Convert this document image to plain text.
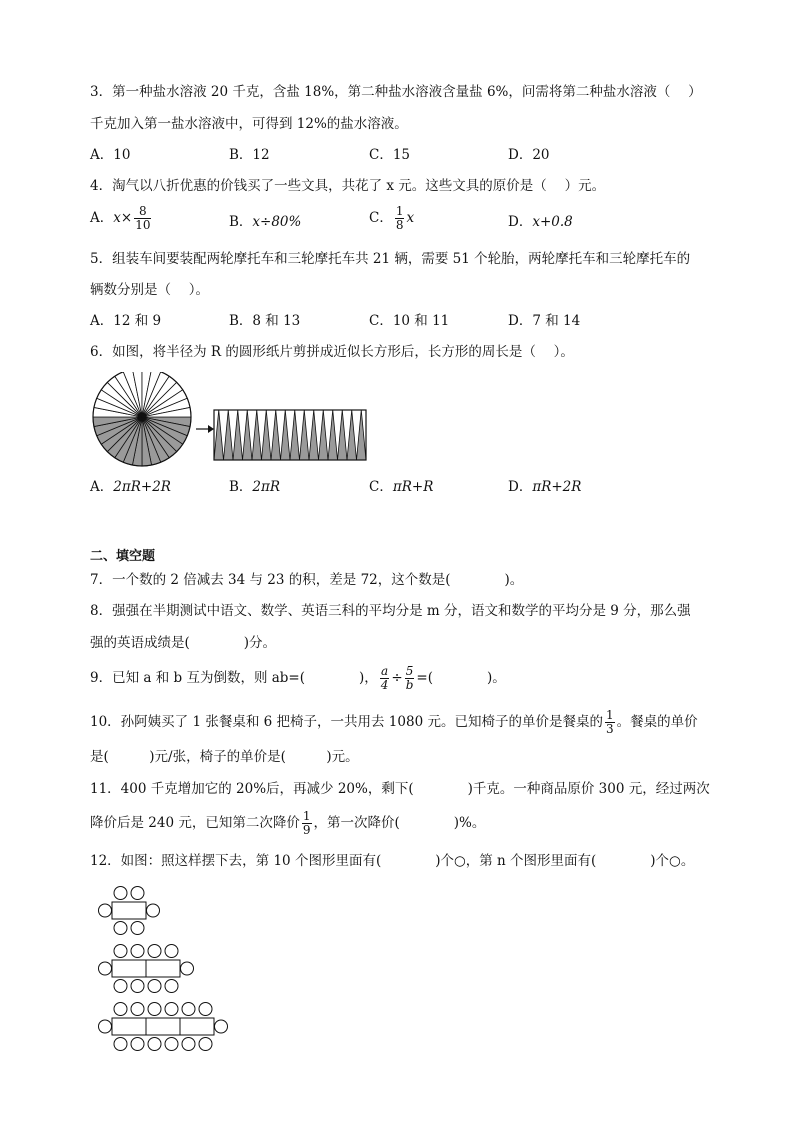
3．第一种盐水溶液 20 千克，含盐 18%，第二种盐水溶液含量盐 6%，问需将第二种盐水溶液（　 ）
千克加入第一盐水溶液中，可得到 12%的盐水溶液。
A．10	B．12	C．15	D．20
4．淘气以八折优惠的价钱买了一些文具，共花了 x 元。这些文具的原价是（　 ）元。
A．$x\times \frac{8}{10}$	B．x÷80%	C． $\frac{1}{8}$ x	D．x+0.8
5．组装车间要装配两轮摩托车和三轮摩托车共 21 辆，需要 51 个轮胎，两轮摩托车和三轮摩托车的
辆数分别是（　 ）。
A．12 和 9	B．8 和 13	C．10 和 11	D．7 和 14
6．如图，将半径为 R 的圆形纸片剪拼成近似长方形后，长方形的周长是（　 ）。
A．2πR+2R	B．2πR	C．πR+R	D．πR+2R
二、填空题
7．一个数的 2 倍减去 34 与 23 的积，差是 72，这个数是(　　　　)。
8．强强在半期测试中语文、数学、英语三科的平均分是 m 分，语文和数学的平均分是 9 分，那么强
强的英语成绩是(　　　　)分。
9．已知 a 和 b 互为倒数，则 ab=(　　　　)， $\frac{a}{4} \div \frac{5}{b}$ =(　　　　)。
10．孙阿姨买了 1 张餐桌和 6 把椅子，一共用去 1080 元。已知椅子的单价是餐桌的 $\frac{1}{3}$ 。餐桌的单价
是(　　　)元/张，椅子的单价是(　　　)元。
11．400 千克增加它的 20%后，再减少 20%，剩下(　　　　)千克。一种商品原价 300 元，经过两次
降价后是 240 元，已知第二次降价 $\frac{1}{9}$ ，第一次降价(　　　　)%。
12．如图：照这样摆下去，第 10 个图形里面有(　　　　)个○，第 n 个图形里面有(　　　　)个○。
